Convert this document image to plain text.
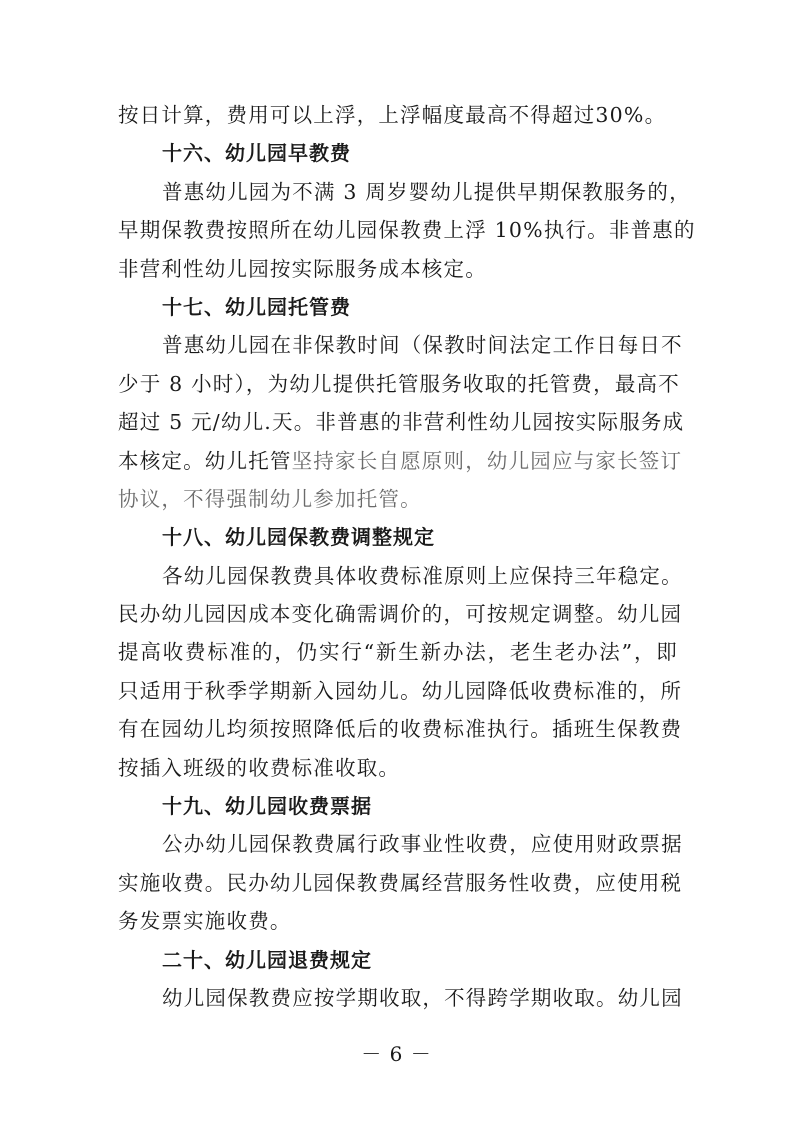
按日计算，费用可以上浮，上浮幅度最高不得超过30%。
十六、幼儿园早教费
普惠幼儿园为不满 3 周岁婴幼儿提供早期保教服务的，
早期保教费按照所在幼儿园保教费上浮 10%执行。非普惠的
非营利性幼儿园按实际服务成本核定。
十七、幼儿园托管费
普惠幼儿园在非保教时间（保教时间法定工作日每日不
少于 8 小时），为幼儿提供托管服务收取的托管费，最高不
超过 5 元/幼儿.天。非普惠的非营利性幼儿园按实际服务成
本核定。幼儿托管坚持家长自愿原则，幼儿园应与家长签订
协议，不得强制幼儿参加托管。
十八、幼儿园保教费调整规定
各幼儿园保教费具体收费标准原则上应保持三年稳定。
民办幼儿园因成本变化确需调价的，可按规定调整。幼儿园
提高收费标准的，仍实行“新生新办法，老生老办法”，即
只适用于秋季学期新入园幼儿。幼儿园降低收费标准的，所
有在园幼儿均须按照降低后的收费标准执行。插班生保教费
按插入班级的收费标准收取。
十九、幼儿园收费票据
公办幼儿园保教费属行政事业性收费，应使用财政票据
实施收费。民办幼儿园保教费属经营服务性收费，应使用税
务发票实施收费。
二十、幼儿园退费规定
幼儿园保教费应按学期收取，不得跨学期收取。幼儿园
－ 6 －
